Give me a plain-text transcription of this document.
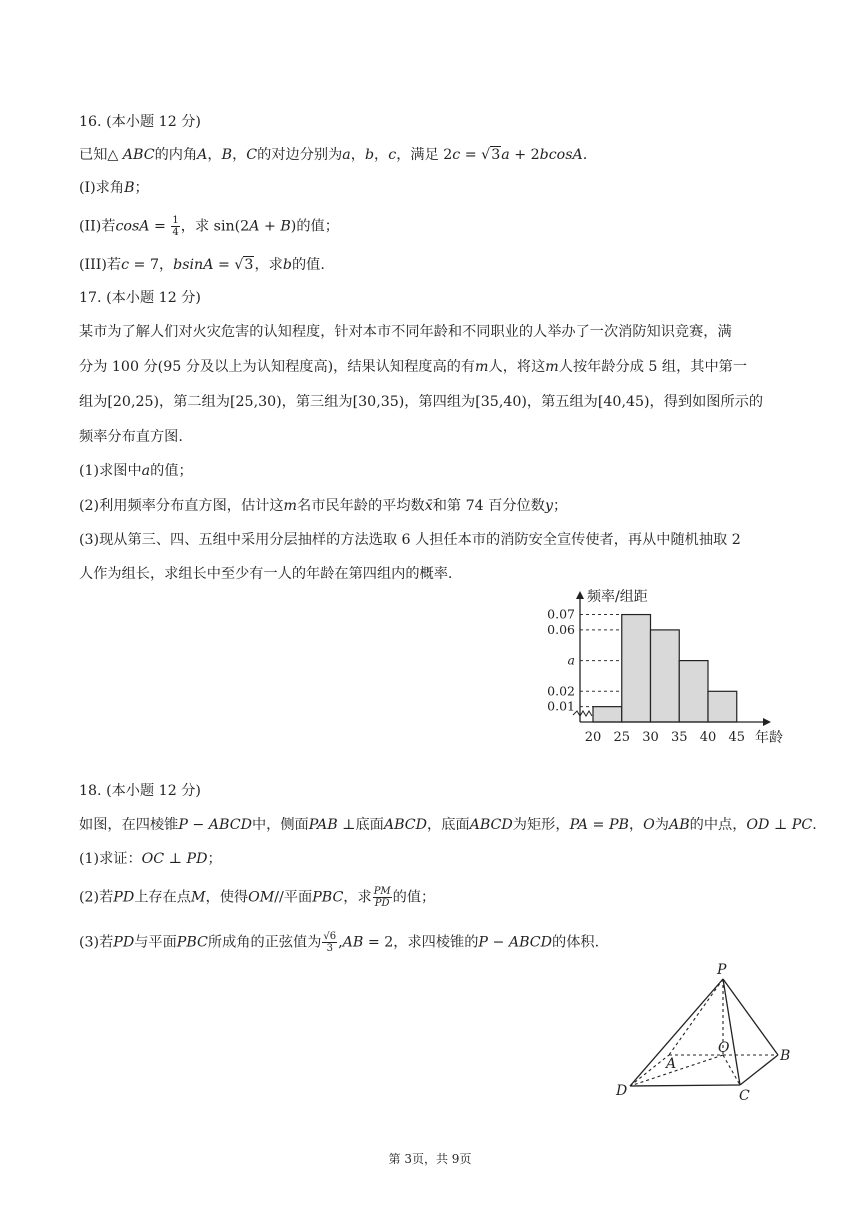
16. (本小题 12 分)
已知△ ABC的内角A，B，C的对边分别为a，b，c，满足 2c = √3a + 2bcosA.
(I)求角B；
(II)若$\cos A = \frac{1}{4}$ ，求 sin(2A + B)的值；
(III)若c = 7，bsinA = √3，求b的值.
17. (本小题 12 分)
某市为了解人们对火灾危害的认知程度，针对本市不同年龄和不同职业的人举办了一次消防知识竞赛，满
分为 100 分(95 分及以上为认知程度高)，结果认知程度高的有m人，将这m人按年龄分成 5 组，其中第一
组为[20,25)，第二组为[25,30)，第三组为[30,35)，第四组为[35,40)，第五组为[40,45)，得到如图所示的
频率分布直方图.
(1)求图中a的值；
(2)利用频率分布直方图，估计这m名市民年龄的平均数x̄和第 74 百分位数y；
(3)现从第三、四、五组中采用分层抽样的方法选取 6 人担任本市的消防安全宣传使者，再从中随机抽取 2
人作为组长，求组长中至少有一人的年龄在第四组内的概率.
0.07
0.06
a
0.02
0.01
20 25 30 35 40 45
频率/组距
年龄
18. (本小题 12 分)
如图，在四棱锥P − ABCD中，侧面PAB ⊥底面ABCD，底面ABCD为矩形，PA = PB，O为AB的中点，OD ⊥ PC.
(1)求证：OC ⊥ PD；
(2)若PD上存在点M，使得OM//平面PBC，求 $\frac{PM}{PD}$ 的值；
(3)若PD与平面PBC所成角的正弦值为 $\frac{√6}{3} ,AB = 2$，求四棱锥的P − ABCD的体积.
P
A
O	B
D	C
第 3页，共 9页
